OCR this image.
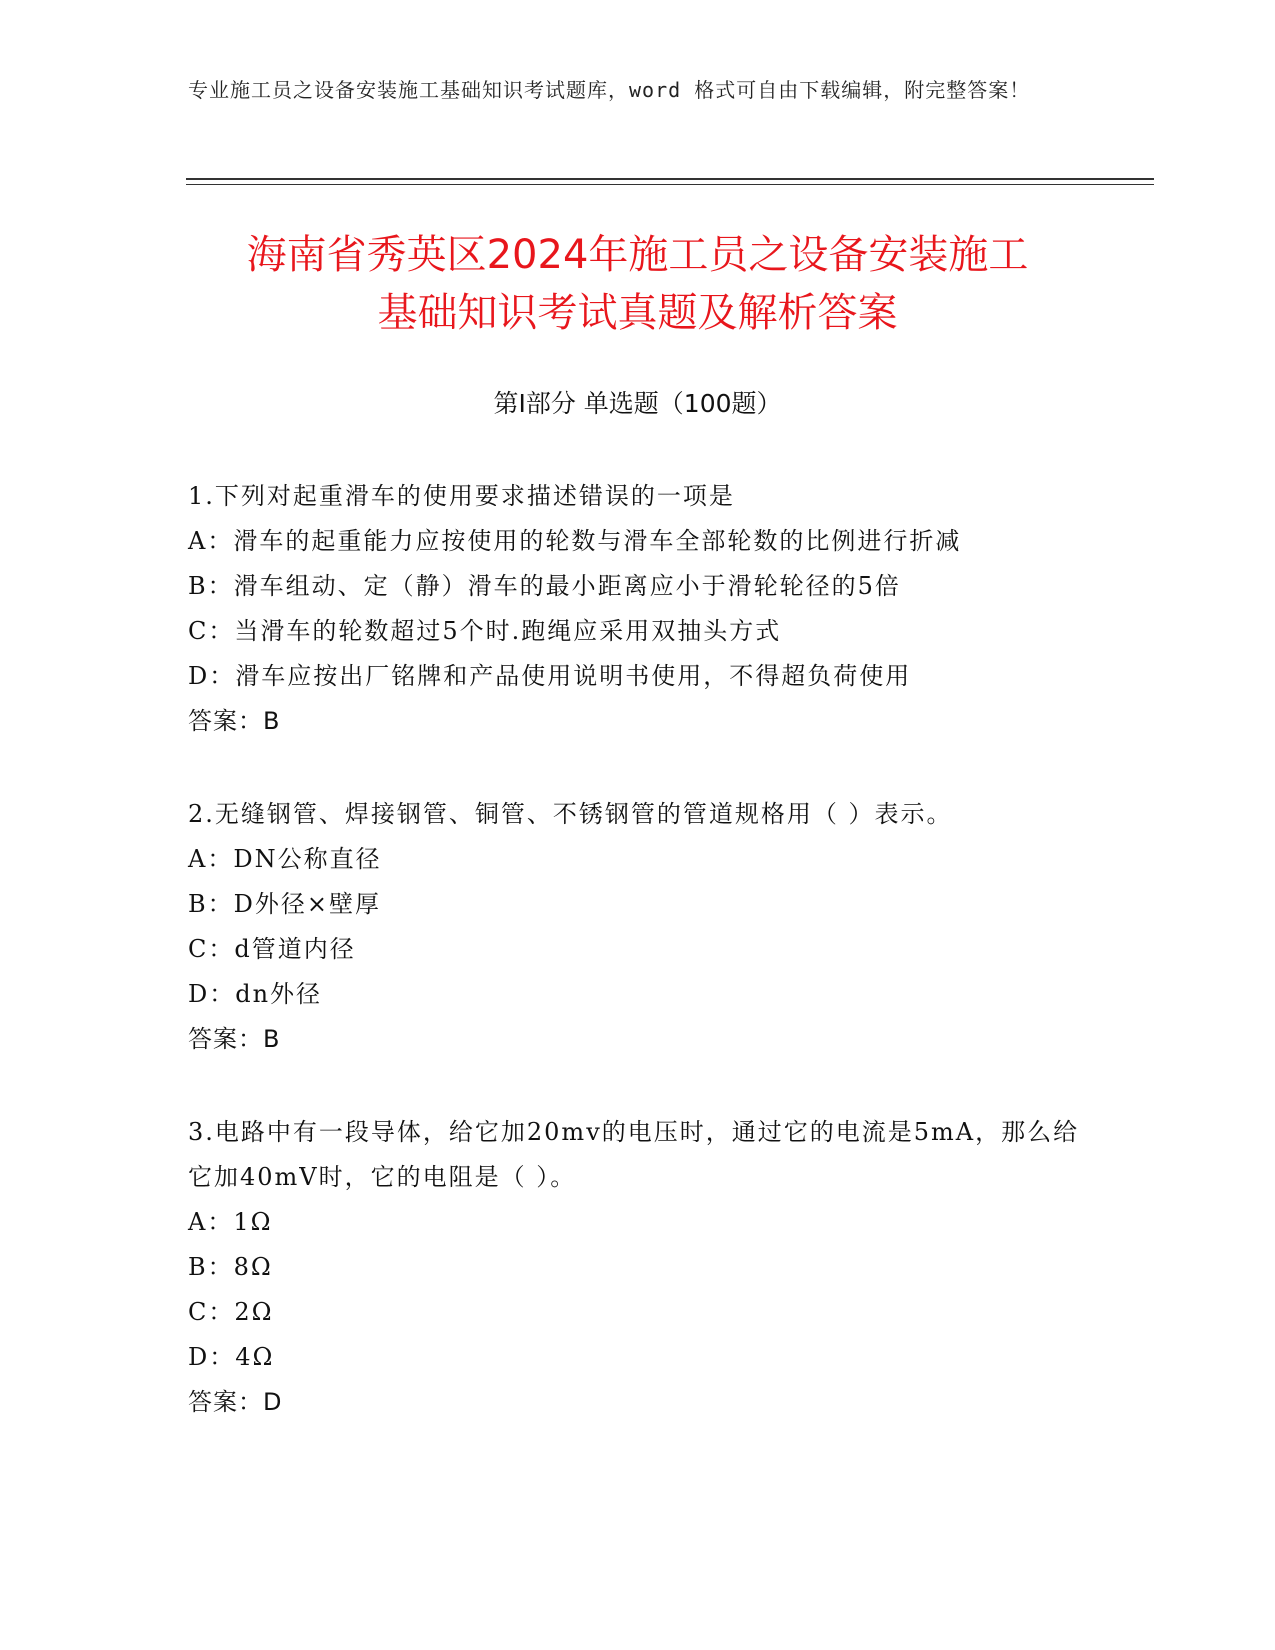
专业施工员之设备安装施工基础知识考试题库，word 格式可自由下载编辑，附完整答案！
海南省秀英区2024年施工员之设备安装施工
基础知识考试真题及解析答案
第Ⅰ部分 单选题（100题）
1.下列对起重滑车的使用要求描述错误的一项是
A：滑车的起重能力应按使用的轮数与滑车全部轮数的比例进行折减
B：滑车组动、定（静）滑车的最小距离应小于滑轮轮径的5倍
C：当滑车的轮数超过5个时.跑绳应采用双抽头方式
D：滑车应按出厂铭牌和产品使用说明书使用，不得超负荷使用
答案：B
2.无缝钢管、焊接钢管、铜管、不锈钢管的管道规格用（ ）表示。
A：DN公称直径
B：D外径×壁厚
C：d管道内径
D：dn外径
答案：B
3.电路中有一段导体，给它加20mv的电压时，通过它的电流是5mA，那么给它加40mV时，它的电阻是（ ）。
A：1Ω
B：8Ω
C：2Ω
D：4Ω
答案：D
